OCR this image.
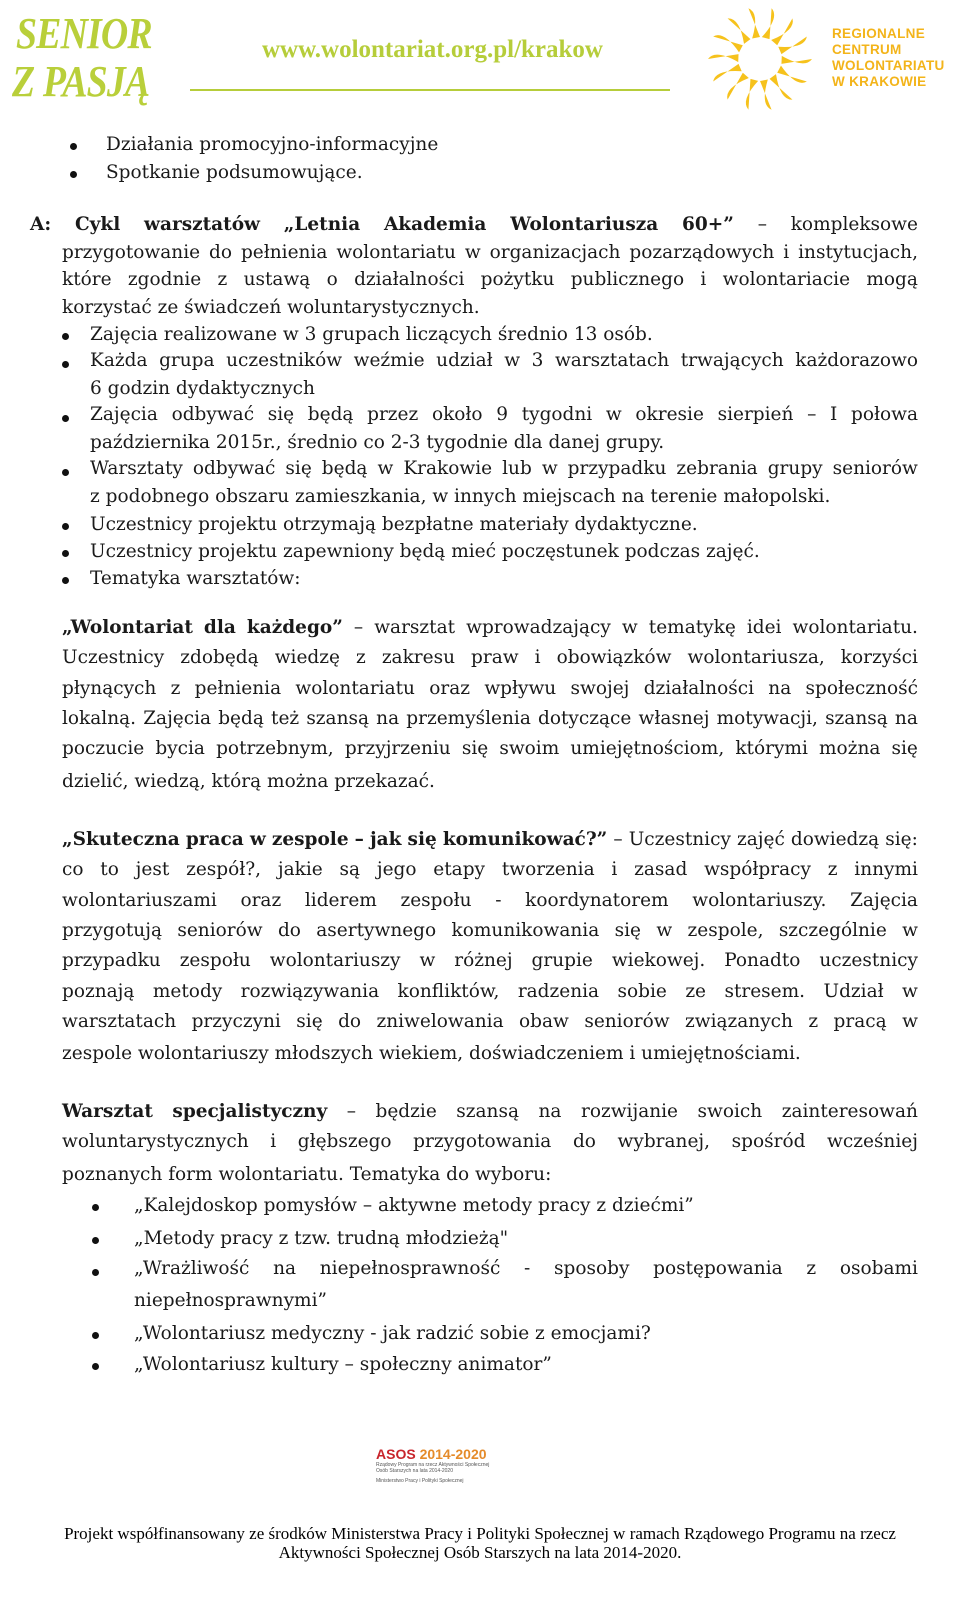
SENIOR
Z PASJĄ
www.wolontariat.org.pl/krakow
REGIONALNE
CENTRUM
WOLONTARIATU
W KRAKOWIE
Działania promocyjno-informacyjne
Spotkanie podsumowujące.
A: Cykl warsztatów „Letnia Akademia Wolontariusza 60+” – kompleksowe
przygotowanie do pełnienia wolontariatu w organizacjach pozarządowych i instytucjach,
które zgodnie z ustawą o działalności pożytku publicznego i wolontariacie mogą
korzystać ze świadczeń woluntarystycznych.
Zajęcia realizowane w 3 grupach liczących średnio 13 osób.
Każda grupa uczestników weźmie udział w 3 warsztatach trwających każdorazowo
6 godzin dydaktycznych
Zajęcia odbywać się będą przez około 9 tygodni w okresie sierpień – I połowa
października 2015r., średnio co 2-3 tygodnie dla danej grupy.
Warsztaty odbywać się będą w Krakowie lub w przypadku zebrania grupy seniorów
z podobnego obszaru zamieszkania, w innych miejscach na terenie małopolski.
Uczestnicy projektu otrzymają bezpłatne materiały dydaktyczne.
Uczestnicy projektu zapewniony będą mieć poczęstunek podczas zajęć.
Tematyka warsztatów:
„Wolontariat dla każdego” – warsztat wprowadzający w tematykę idei wolontariatu.
Uczestnicy zdobędą wiedzę z zakresu praw i obowiązków wolontariusza, korzyści
płynących z pełnienia wolontariatu oraz wpływu swojej działalności na społeczność
lokalną. Zajęcia będą też szansą na przemyślenia dotyczące własnej motywacji, szansą na
poczucie bycia potrzebnym, przyjrzeniu się swoim umiejętnościom, którymi można się
dzielić, wiedzą, którą można przekazać.
„Skuteczna praca w zespole – jak się komunikować?” – Uczestnicy zajęć dowiedzą się:
co to jest zespół?, jakie są jego etapy tworzenia i zasad współpracy z innymi
wolontariuszami oraz liderem zespołu - koordynatorem wolontariuszy. Zajęcia
przygotują seniorów do asertywnego komunikowania się w zespole, szczególnie w
przypadku zespołu wolontariuszy w różnej grupie wiekowej. Ponadto uczestnicy
poznają metody rozwiązywania konfliktów, radzenia sobie ze stresem. Udział w
warsztatach przyczyni się do zniwelowania obaw seniorów związanych z pracą w
zespole wolontariuszy młodszych wiekiem, doświadczeniem i umiejętnościami.
Warsztat specjalistyczny – będzie szansą na rozwijanie swoich zainteresowań
woluntarystycznych i głębszego przygotowania do wybranej, spośród wcześniej
poznanych form wolontariatu. Tematyka do wyboru:
„Kalejdoskop pomysłów – aktywne metody pracy z dziećmi”
„Metody pracy z tzw. trudną młodzieżą"
„Wrażliwość na niepełnosprawność - sposoby postępowania z osobami
niepełnosprawnymi”
„Wolontariusz medyczny - jak radzić sobie z emocjami?
„Wolontariusz kultury – społeczny animator”
ASOS 2014-2020
Rządowy Program na rzecz Aktywności Społecznej
Osób Starszych na lata 2014-2020
Ministerstwo Pracy i Polityki Społecznej
Projekt współfinansowany ze środków Ministerstwa Pracy i Polityki Społecznej w ramach Rządowego Programu na rzecz
Aktywności Społecznej Osób Starszych na lata 2014-2020.
